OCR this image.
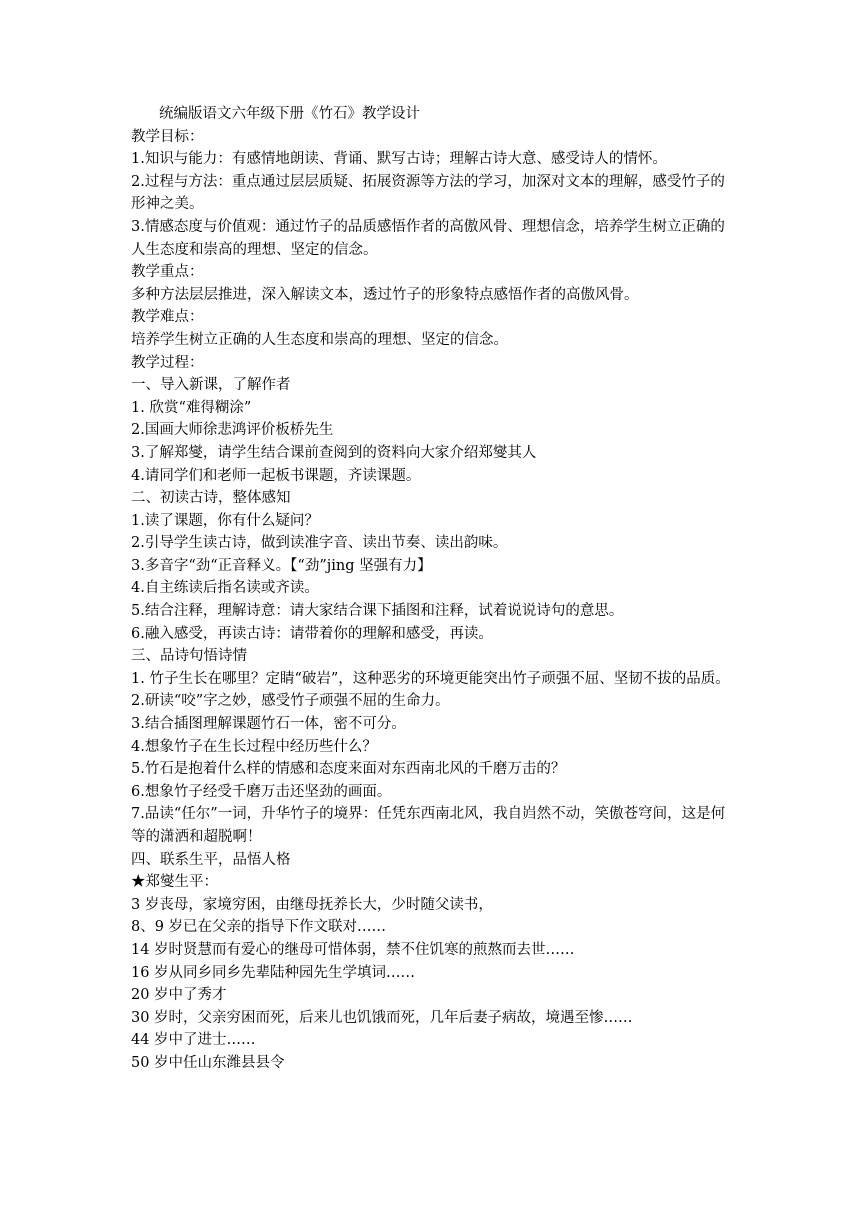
统编版语文六年级下册《竹石》教学设计
教学目标：
1.知识与能力：有感情地朗读、背诵、默写古诗；理解古诗大意、感受诗人的情怀。
2.过程与方法：重点通过层层质疑、拓展资源等方法的学习，加深对文本的理解，感受竹子的形神之美。
3.情感态度与价值观：通过竹子的品质感悟作者的高傲风骨、理想信念，培养学生树立正确的人生态度和崇高的理想、坚定的信念。
教学重点：
多种方法层层推进，深入解读文本，透过竹子的形象特点感悟作者的高傲风骨。
教学难点：
培养学生树立正确的人生态度和崇高的理想、坚定的信念。
教学过程：
一、导入新课，了解作者
1. 欣赏“难得糊涂”
2.国画大师徐悲鸿评价板桥先生
3.了解郑燮，请学生结合课前查阅到的资料向大家介绍郑燮其人
4.请同学们和老师一起板书课题，齐读课题。
二、初读古诗，整体感知
1.读了课题，你有什么疑问？
2.引导学生读古诗，做到读准字音、读出节奏、读出韵味。
3.多音字“劲“正音释义。【“劲”jing 坚强有力】
4.自主练读后指名读或齐读。
5.结合注释，理解诗意：请大家结合课下插图和注释，试着说说诗句的意思。
6.融入感受，再读古诗：请带着你的理解和感受，再读。
三、品诗句悟诗情
1. 竹子生长在哪里？定睛“破岩”，这种恶劣的环境更能突出竹子顽强不屈、坚韧不拔的品质。
2.研读“咬”字之妙，感受竹子顽强不屈的生命力。
3.结合插图理解课题竹石一体，密不可分。
4.想象竹子在生长过程中经历些什么？
5.竹石是抱着什么样的情感和态度来面对东西南北风的千磨万击的？
6.想象竹子经受千磨万击还坚劲的画面。
7.品读“任尔”一词，升华竹子的境界：任凭东西南北风，我自岿然不动，笑傲苍穹间，这是何等的潇洒和超脱啊！
四、联系生平，品悟人格
★郑燮生平：
3 岁丧母，家境穷困，由继母抚养长大，少时随父读书，
8、9 岁已在父亲的指导下作文联对……
14 岁时贤慧而有爱心的继母可惜体弱，禁不住饥寒的煎熬而去世……
16 岁从同乡同乡先辈陆种园先生学填词……
20 岁中了秀才
30 岁时，父亲穷困而死，后来儿也饥饿而死，几年后妻子病故，境遇至惨……
44 岁中了进士……
50 岁中任山东潍县县令
